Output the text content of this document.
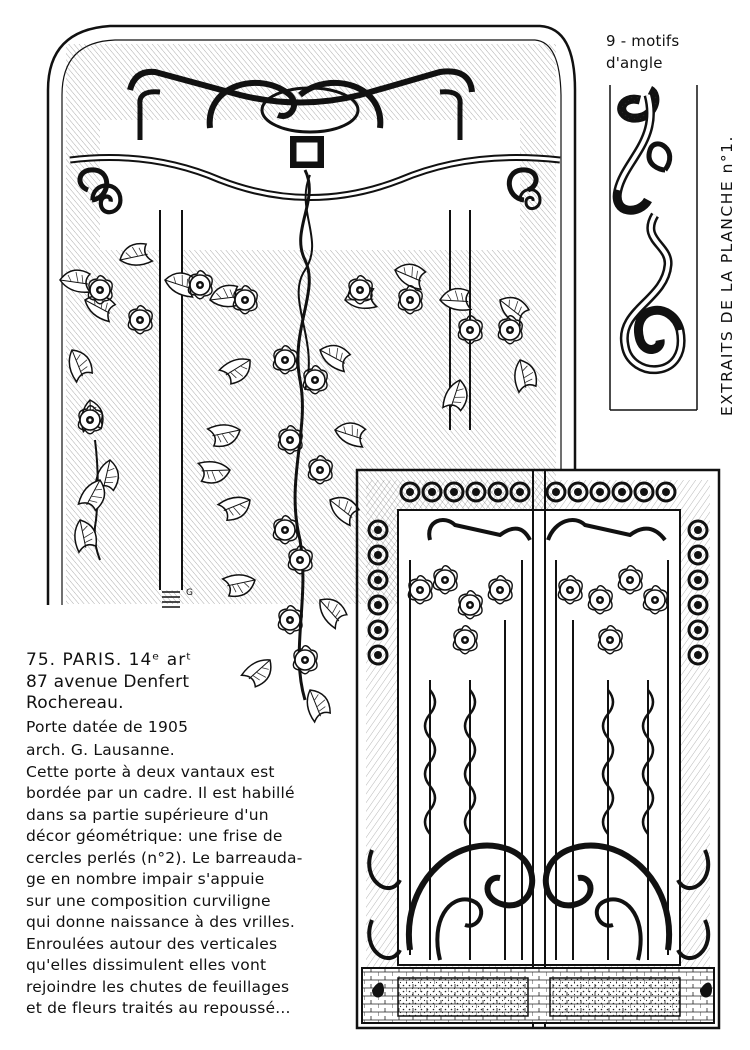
9 - motifs
d'angle
EXTRAITS DE LA PLANCHE n°1.
G
75. PARIS. 14ᵉ arᵗ
87 avenue Denfert
Rochereau.
Porte datée de 1905
arch. G. Lausanne.
Cette porte à deux vantaux est
bordée par un cadre. Il est habillé
dans sa partie supérieure d'un
décor géométrique: une frise de
cercles perlés (n°2). Le barreauda-
ge en nombre impair s'appuie
sur une composition curviligne
qui donne naissance à des vrilles.
Enroulées autour des verticales
qu'elles dissimulent elles vont
rejoindre les chutes de feuillages
et de fleurs traités au repoussé...
